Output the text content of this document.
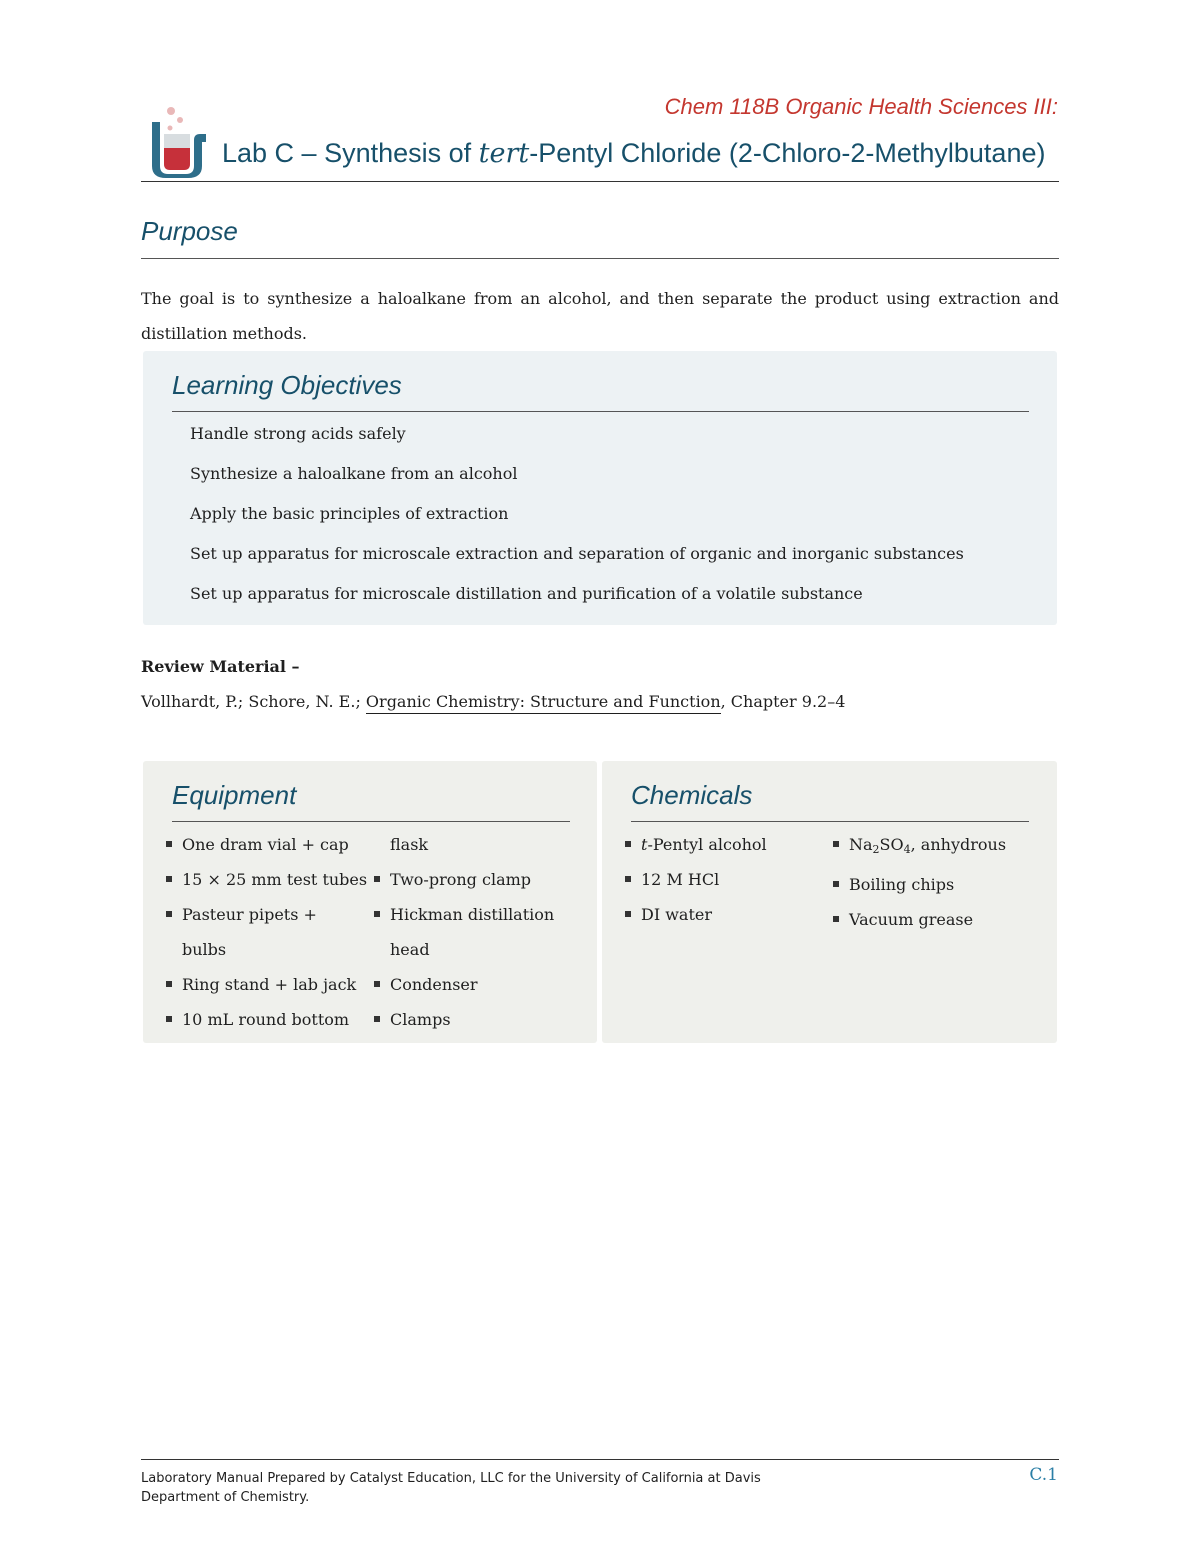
Chem 118B Organic Health Sciences III:
Lab C – Synthesis of tert-Pentyl Chloride (2-Chloro-2-Methylbutane)
Purpose

The goal is to synthesize a haloalkane from an alcohol, and then separate the product using extraction and distillation methods.

Learning Objectives
Handle strong acids safely
Synthesize a haloalkane from an alcohol
Apply the basic principles of extraction
Set up apparatus for microscale extraction and separation of organic and inorganic substances
Set up apparatus for microscale distillation and purification of a volatile substance
Review Material –
Vollhardt, P.; Schore, N. E.; Organic Chemistry: Structure and Function, Chapter 9.2–4
Equipment
One dram vial + cap
15 × 25 mm test tubes
Pasteur pipets +
bulbs
Ring stand + lab jack
10 mL round bottom
flask
Two-prong clamp
Hickman distillation
head
Condenser
Clamps
Chemicals
t-Pentyl alcohol
12 M HCl
DI water
$Na_2SO_4$, anhydrous
Boiling chips
Vacuum grease

Laboratory Manual Prepared by Catalyst Education, LLC for the University of California at Davis
Department of Chemistry.

C.1
